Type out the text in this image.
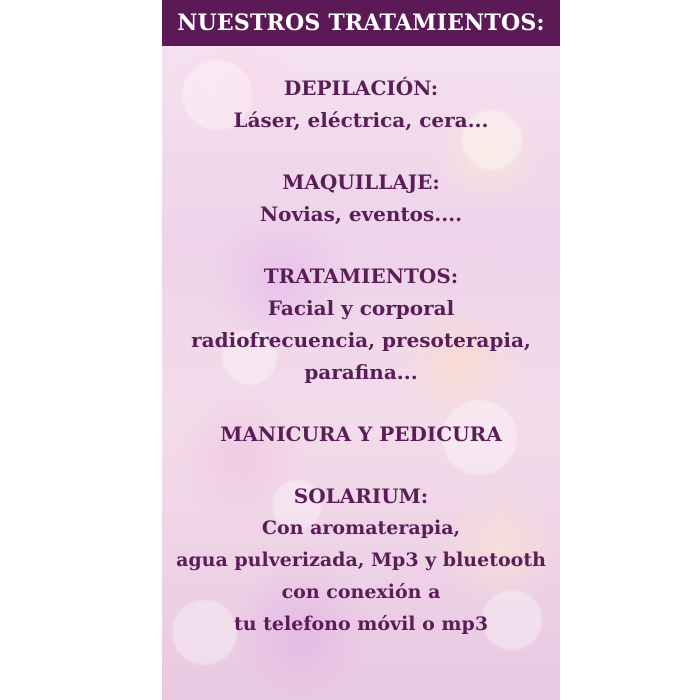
NUESTROS TRATAMIENTOS:

DEPILACIÓN:

Láser, eléctrica, cera...

MAQUILLAJE:

Novias, eventos....

TRATAMIENTOS:

Facial y corporal

radiofrecuencia, presoterapia,

parafina...

MANICURA Y PEDICURA

SOLARIUM:

Con aromaterapia,

agua pulverizada, Mp3 y bluetooth

con conexión a

tu telefono móvil o mp3
